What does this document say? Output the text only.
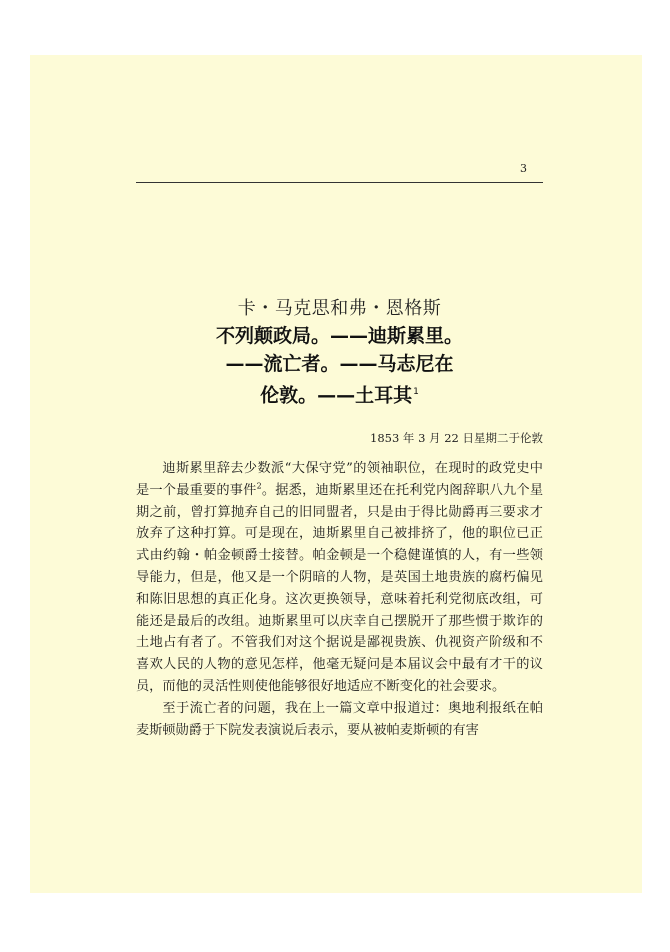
3
卡・马克思和弗・恩格斯
不列颠政局。——迪斯累里。
——流亡者。——马志尼在
伦敦。——土耳其$^1$
1853 年 3 月 22 日星期二于伦敦

迪斯累里辞去少数派“大保守党”的领袖职位，在现时的政党史中是一个最重要的事件$^2$。据悉，迪斯累里还在托利党内阁辞职八九个星期之前，曾打算抛弃自己的旧同盟者，只是由于得比勋爵再三要求才放弃了这种打算。可是现在，迪斯累里自己被排挤了，他的职位已正式由约翰・帕金顿爵士接替。帕金顿是一个稳健谨慎的人，有一些领导能力，但是，他又是一个阴暗的人物，是英国土地贵族的腐朽偏见和陈旧思想的真正化身。这次更换领导，意味着托利党彻底改组，可能还是最后的改组。迪斯累里可以庆幸自己摆脱开了那些惯于欺诈的土地占有者了。不管我们对这个据说是鄙视贵族、仇视资产阶级和不喜欢人民的人物的意见怎样，他毫无疑问是本届议会中最有才干的议员，而他的灵活性则使他能够很好地适应不断变化的社会要求。

至于流亡者的问题，我在上一篇文章中报道过：奥地利报纸在帕麦斯顿勋爵于下院发表演说后表示，要从被帕麦斯顿的有害
